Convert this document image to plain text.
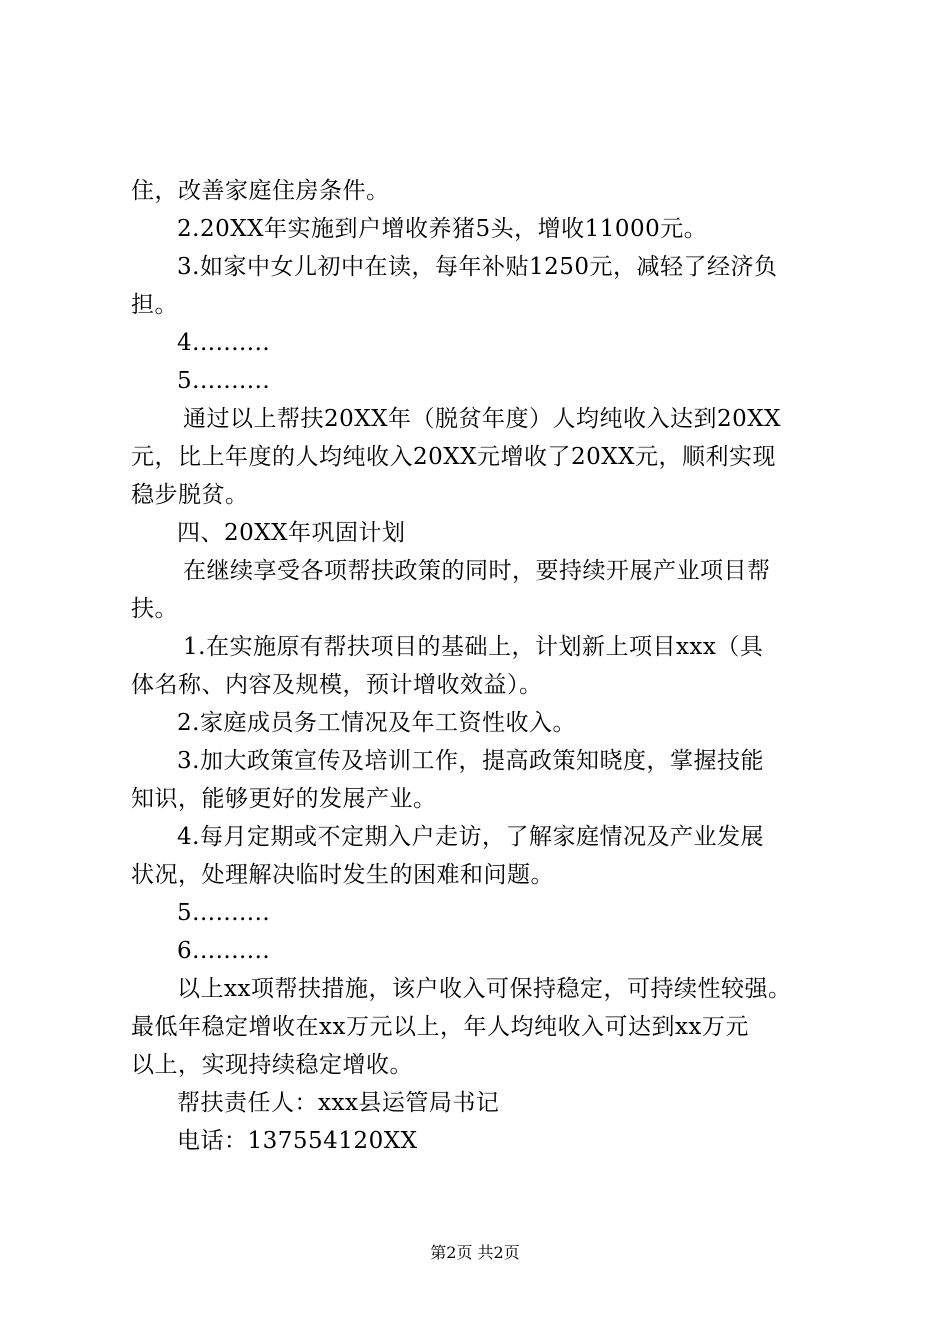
住，改善家庭住房条件。
2.20XX年实施到户增收养猪5头，增收11000元。
3.如家中女儿初中在读，每年补贴1250元，减轻了经济负
担。
4..........
5..........
通过以上帮扶20XX年（脱贫年度）人均纯收入达到20XX
元，比上年度的人均纯收入20XX元增收了20XX元，顺利实现
稳步脱贫。
四、20XX年巩固计划
在继续享受各项帮扶政策的同时，要持续开展产业项目帮
扶。
1.在实施原有帮扶项目的基础上，计划新上项目xxx（具
体名称、内容及规模，预计增收效益）。
2.家庭成员务工情况及年工资性收入。
3.加大政策宣传及培训工作，提高政策知晓度，掌握技能
知识，能够更好的发展产业。
4.每月定期或不定期入户走访，了解家庭情况及产业发展
状况，处理解决临时发生的困难和问题。
5..........
6..........
以上xx项帮扶措施，该户收入可保持稳定，可持续性较强。
最低年稳定增收在xx万元以上，年人均纯收入可达到xx万元
以上，实现持续稳定增收。
帮扶责任人：xxx县运管局书记
电话：137554120XX
第2页 共2页
